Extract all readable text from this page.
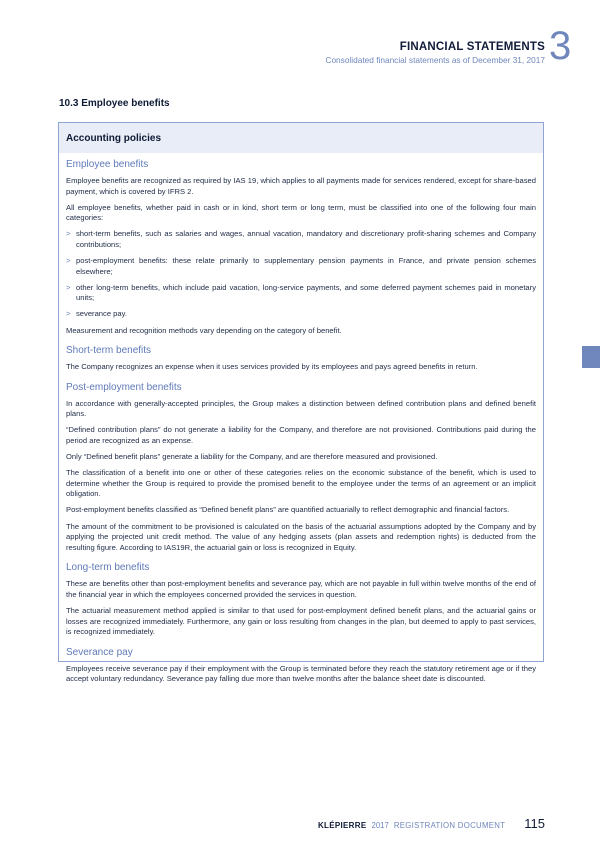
FINANCIAL STATEMENTS
Consolidated financial statements as of December 31, 2017 3
10.3 Employee benefits
Accounting policies
Employee benefits

Employee benefits are recognized as required by IAS 19, which applies to all payments made for services rendered, except for share-based payment, which is covered by IFRS 2.

All employee benefits, whether paid in cash or in kind, short term or long term, must be classified into one of the following four main categories:

> short-term benefits, such as salaries and wages, annual vacation, mandatory and discretionary profit-sharing schemes and Company contributions;
> post-employment benefits: these relate primarily to supplementary pension payments in France, and private pension schemes elsewhere;
> other long-term benefits, which include paid vacation, long-service payments, and some deferred payment schemes paid in monetary units;
> severance pay.

Measurement and recognition methods vary depending on the category of benefit.

Short-term benefits

The Company recognizes an expense when it uses services provided by its employees and pays agreed benefits in return.

Post-employment benefits

In accordance with generally-accepted principles, the Group makes a distinction between defined contribution plans and defined benefit plans.

“Defined contribution plans” do not generate a liability for the Company, and therefore are not provisioned. Contributions paid during the period are recognized as an expense.

Only “Defined benefit plans” generate a liability for the Company, and are therefore measured and provisioned.

The classification of a benefit into one or other of these categories relies on the economic substance of the benefit, which is used to determine whether the Group is required to provide the promised benefit to the employee under the terms of an agreement or an implicit obligation.

Post-employment benefits classified as “Defined benefit plans” are quantified actuarially to reflect demographic and financial factors.

The amount of the commitment to be provisioned is calculated on the basis of the actuarial assumptions adopted by the Company and by applying the projected unit credit method. The value of any hedging assets (plan assets and redemption rights) is deducted from the resulting figure. According to IAS19R, the actuarial gain or loss is recognized in Equity.

Long-term benefits

These are benefits other than post-employment benefits and severance pay, which are not payable in full within twelve months of the end of the financial year in which the employees concerned provided the services in question.

The actuarial measurement method applied is similar to that used for post-employment defined benefit plans, and the actuarial gains or losses are recognized immediately. Furthermore, any gain or loss resulting from changes in the plan, but deemed to apply to past services, is recognized immediately.

Severance pay

Employees receive severance pay if their employment with the Group is terminated before they reach the statutory retirement age or if they accept voluntary redundancy. Severance pay falling due more than twelve months after the balance sheet date is discounted.

KLÉPIERRE 2017 REGISTRATION DOCUMENT 115
